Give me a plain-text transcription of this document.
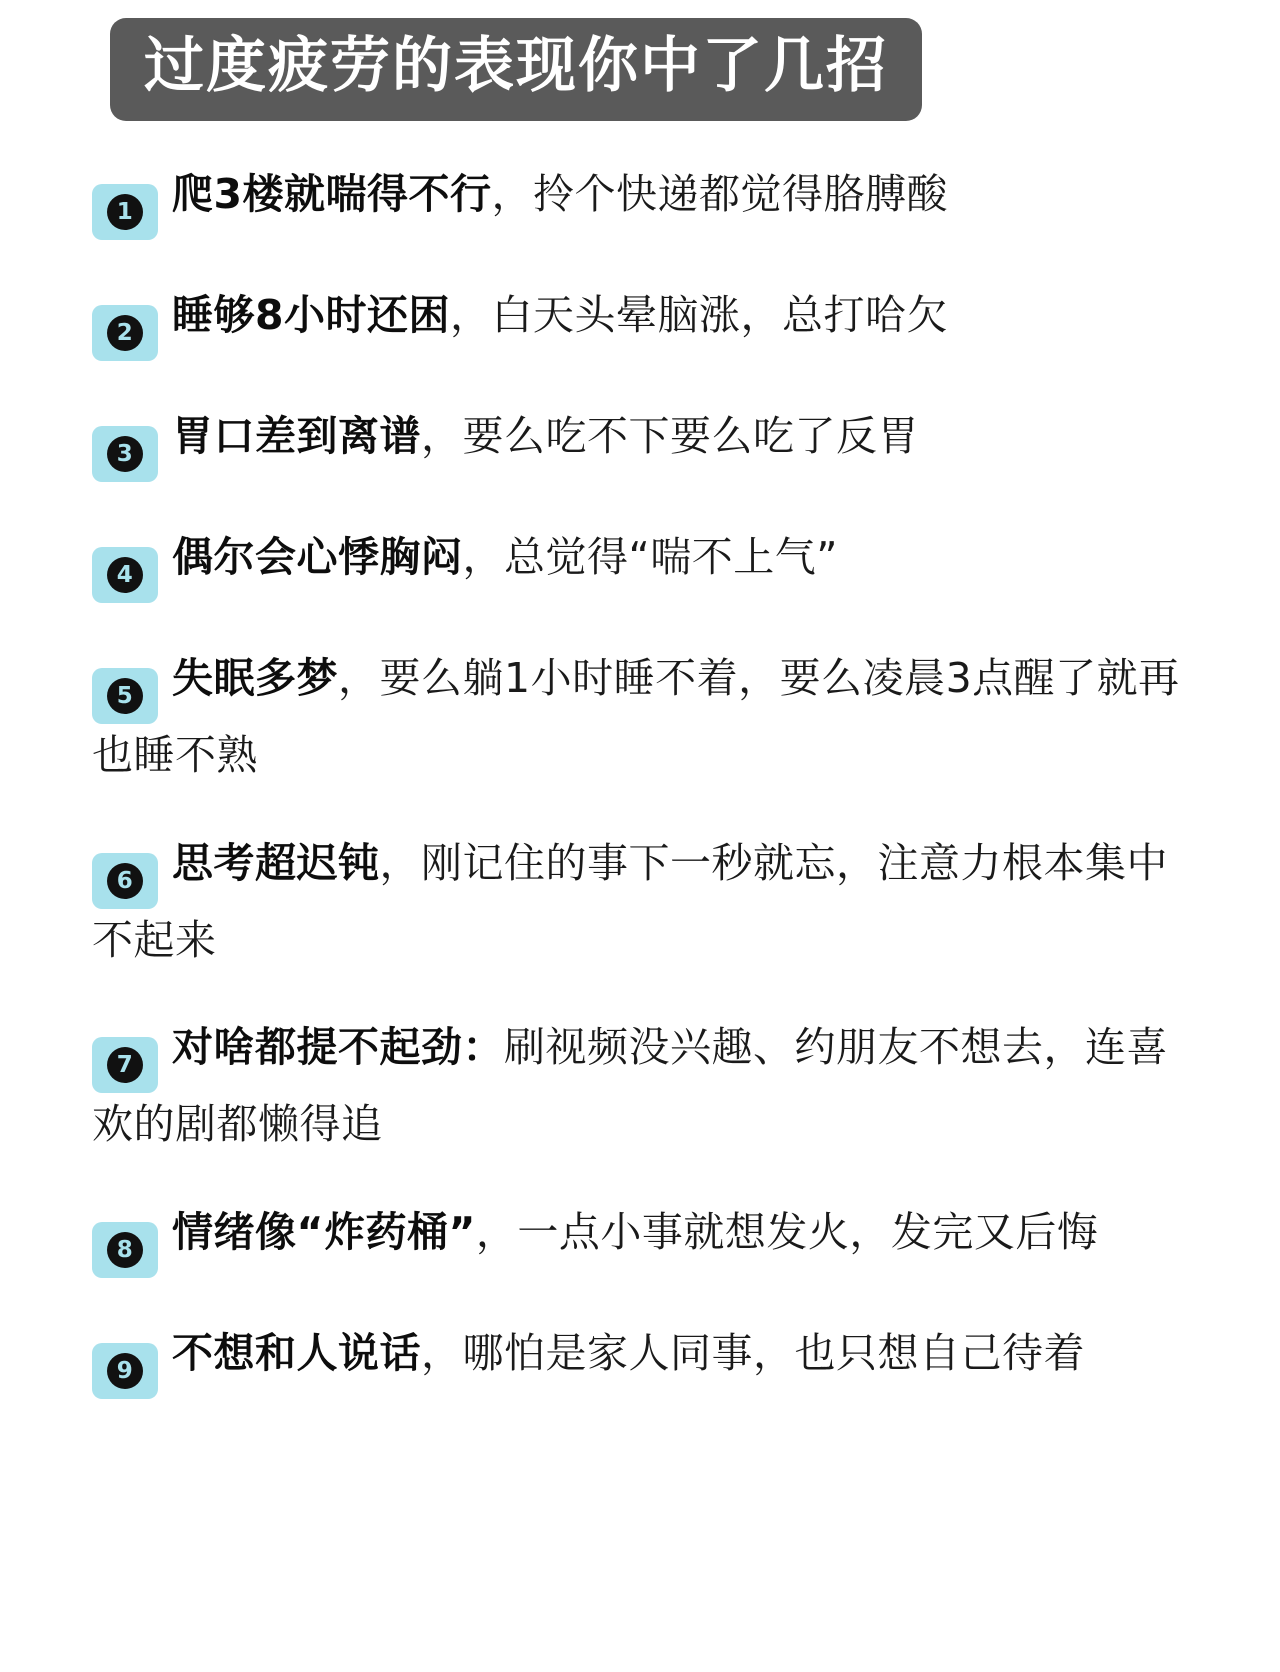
过度疲劳的表现你中了几招
1 爬3楼就喘得不行，拎个快递都觉得胳膊酸
2 睡够8小时还困，白天头晕脑涨，总打哈欠
3 胃口差到离谱，要么吃不下要么吃了反胃
4 偶尔会心悸胸闷，总觉得“喘不上气”
5 失眠多梦，要么躺1小时睡不着，要么凌晨3点醒了就再也睡不熟
6 思考超迟钝，刚记住的事下一秒就忘，注意力根本集中不起来
7 对啥都提不起劲：刷视频没兴趣、约朋友不想去，连喜欢的剧都懒得追
8 情绪像“炸药桶”，一点小事就想发火，发完又后悔
9 不想和人说话，哪怕是家人同事，也只想自己待着
